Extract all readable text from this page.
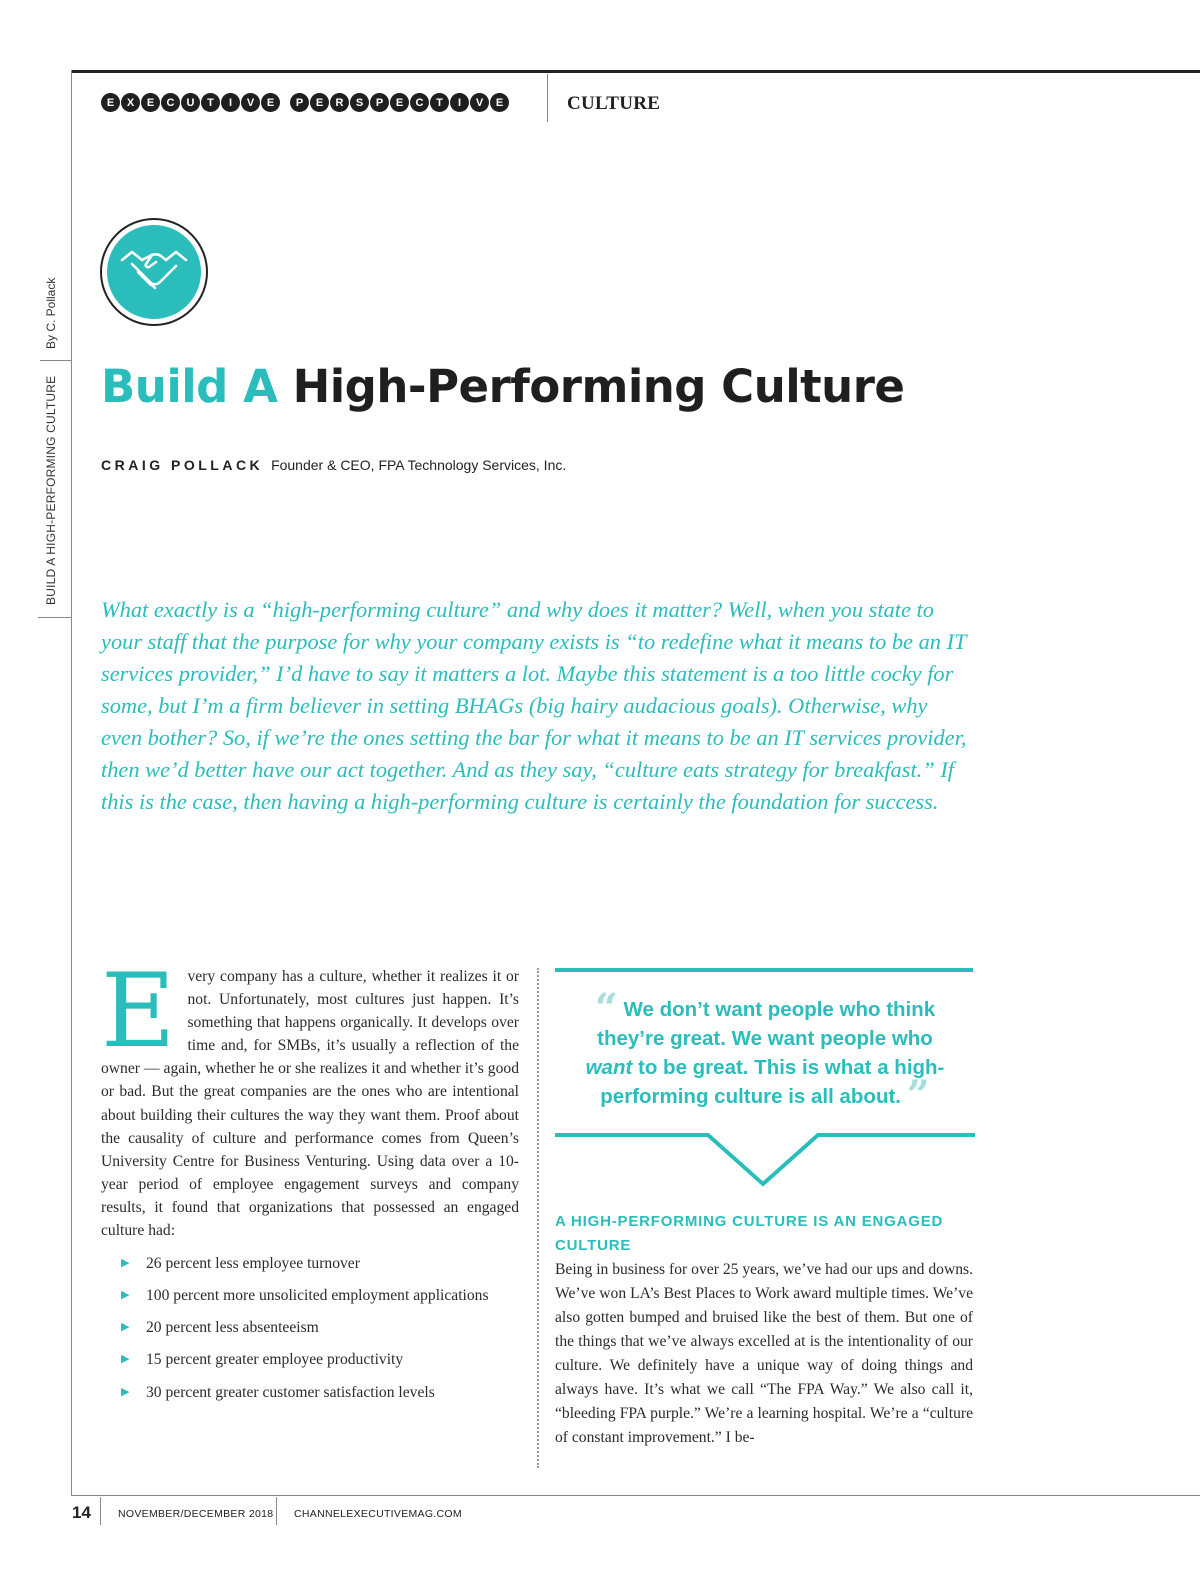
E	X	E	C	U	T	I	V	E	P	E	R	S	P	E	C	T	I	V	E	CULTURE
By C. Pollack
BUILD A HIGH-PERFORMING CULTURE Build A High-Performing Culture
CRAIG POLLACK Founder & CEO, FPA Technology Services, Inc.

What exactly is a “high-performing culture” and why does it matter? Well, when you state to your staff that the purpose for why your company exists is “to redefine what it means to be an IT services provider,” I’d have to say it matters a lot. Maybe this statement is a too little cocky for some, but I’m a firm believer in setting BHAGs (big hairy audacious goals). Otherwise, why even bother? So, if we’re the ones setting the bar for what it means to be an IT services provider, then we’d better have our act together. And as they say, “culture eats strategy for breakfast.” If this is the case, then having a high-performing culture is certainly the foundation for success.

E very company has a culture, whether it realizes it or not. Unfortunately, most cultures just happen. It’s something that happens organically. It develops over time and, for SMBs, it’s usually a reflection of the owner — again, whether he or she realizes it and whether it’s good or bad. But the great companies are the ones who are intentional about building their cultures the way they want them. Proof about the causality of culture and performance comes from Queen’s University Centre for Business Venturing. Using data over a 10-year period of employee engagement surveys and company results, it found that organizations that possessed an engaged culture had:

▶ 26 percent less employee turnover
▶ 100 percent more unsolicited employment applications
▶ 20 percent less absenteeism
▶ 15 percent greater employee productivity
▶ 30 percent greater customer satisfaction levels

“ We don’t want people who think they’re great. We want people who want to be great. This is what a high-performing culture is all about. ”

A HIGH-PERFORMING CULTURE IS AN ENGAGED CULTURE

Being in business for over 25 years, we’ve had our ups and downs. We’ve won LA’s Best Places to Work award multiple times. We’ve also gotten bumped and bruised like the best of them. But one of the things that we’ve always excelled at is the intentionality of our culture. We definitely have a unique way of doing things and always have. It’s what we call “The FPA Way.” We also call it, “bleeding FPA purple.” We’re a learning hospital. We’re a “culture of constant improvement.” I be-

14	NOVEMBER/DECEMBER 2018 CHANNELEXECUTIVEMAG.COM
